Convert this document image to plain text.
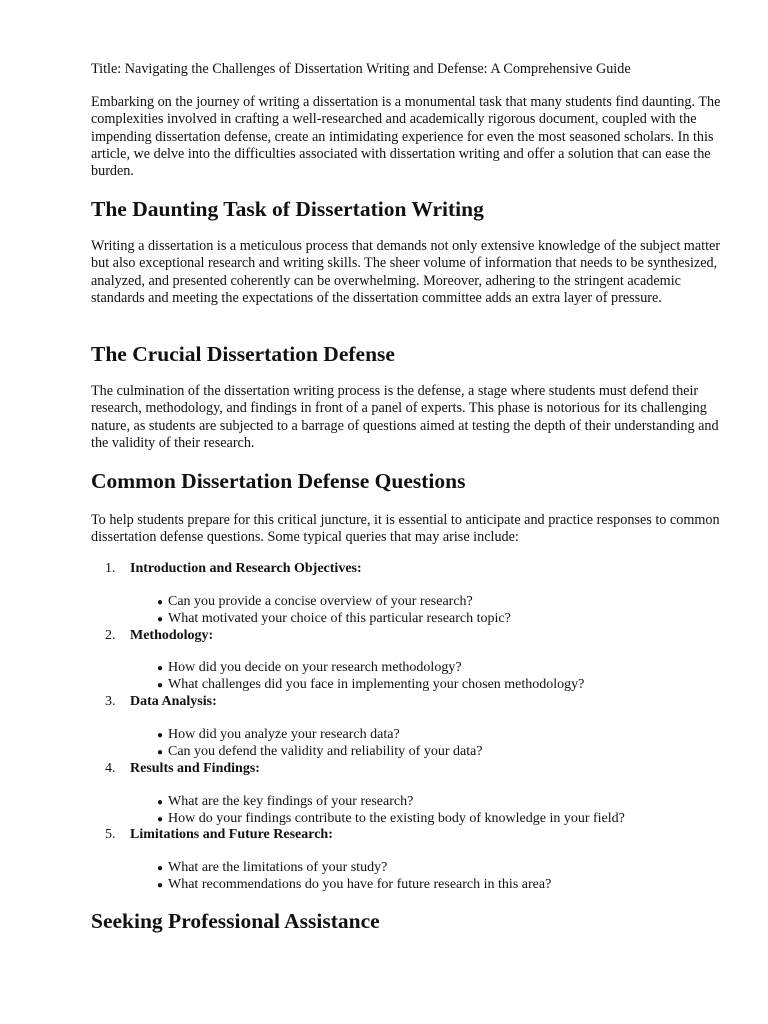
Title: Navigating the Challenges of Dissertation Writing and Defense: A Comprehensive Guide

Embarking on the journey of writing a dissertation is a monumental task that many students find daunting. The complexities involved in crafting a well-researched and academically rigorous document, coupled with the impending dissertation defense, create an intimidating experience for even the most seasoned scholars. In this article, we delve into the difficulties associated with dissertation writing and offer a solution that can ease the burden.

The Daunting Task of Dissertation Writing

Writing a dissertation is a meticulous process that demands not only extensive knowledge of the subject matter but also exceptional research and writing skills. The sheer volume of information that needs to be synthesized, analyzed, and presented coherently can be overwhelming. Moreover, adhering to the stringent academic standards and meeting the expectations of the dissertation committee adds an extra layer of pressure.

The Crucial Dissertation Defense

The culmination of the dissertation writing process is the defense, a stage where students must defend their research, methodology, and findings in front of a panel of experts. This phase is notorious for its challenging nature, as students are subjected to a barrage of questions aimed at testing the depth of their understanding and the validity of their research.

Common Dissertation Defense Questions

To help students prepare for this critical juncture, it is essential to anticipate and practice responses to common dissertation defense questions. Some typical queries that may arise include:

1. Introduction and Research Objectives:
● Can you provide a concise overview of your research?
● What motivated your choice of this particular research topic?
2. Methodology:
● How did you decide on your research methodology?
● What challenges did you face in implementing your chosen methodology?
3. Data Analysis:
● How did you analyze your research data?
● Can you defend the validity and reliability of your data?
4. Results and Findings:
● What are the key findings of your research?
● How do your findings contribute to the existing body of knowledge in your field?
5. Limitations and Future Research:
● What are the limitations of your study?
● What recommendations do you have for future research in this area?
Seeking Professional Assistance
